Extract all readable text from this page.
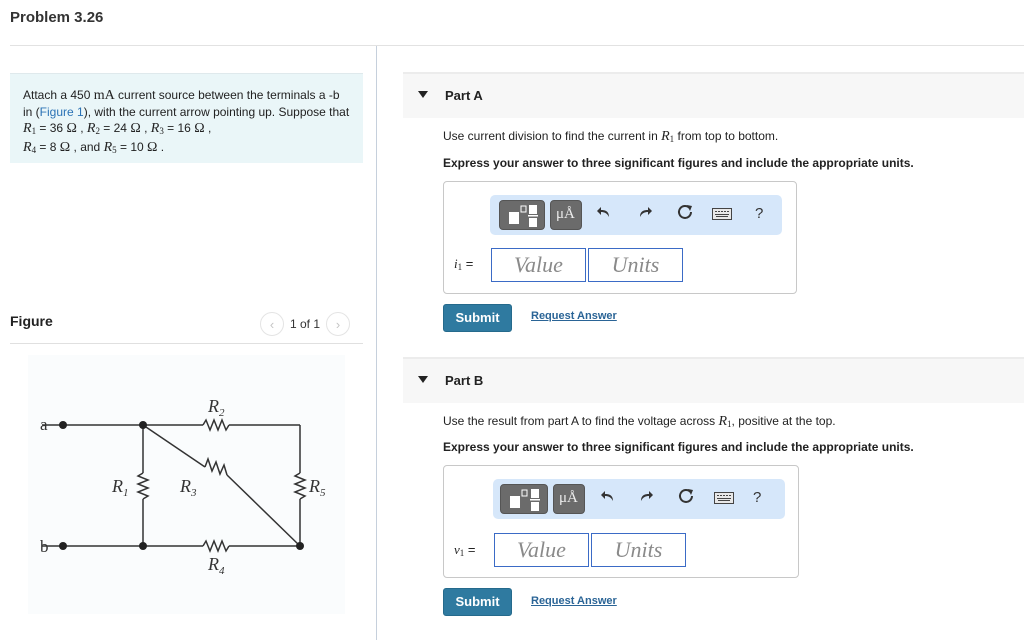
Problem 3.26
Attach a 450 mA current source between the terminals a -b in (Figure 1), with the current arrow pointing up. Suppose that $R_1 = 36$ Ω , $R_2 = 24$ Ω , $R_3 = 16$ Ω ,
$R_4 = 8$ Ω , and $R_5 = 10$ Ω .
Figure	‹ 1 of 1 ›
a
b
$R_2$
$R_1$	$R_3$	$R_5$
$R_4$
Part A
Use current division to find the current in $R_1$ from top to bottom.
Express your answer to three significant figures and include the appropriate units.
μÅ	?
$i_1$ =	Value	Units
Submit	Request Answer
Part B
Use the result from part A to find the voltage across $R_1$, positive at the top.
Express your answer to three significant figures and include the appropriate units.
μÅ	?
$v_1$ =	Value	Units
Submit	Request Answer
